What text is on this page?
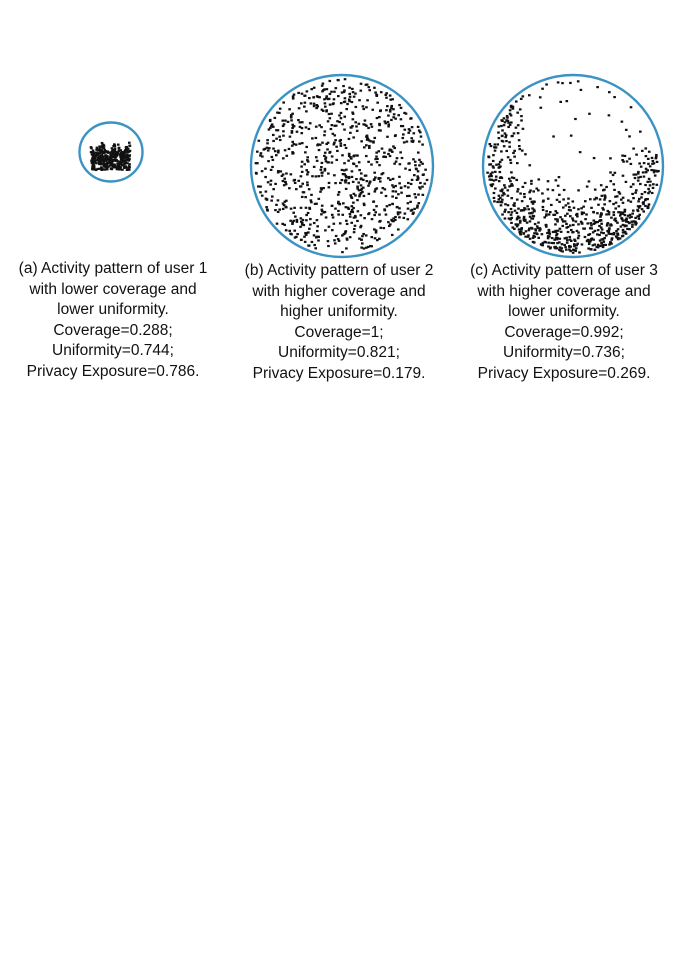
(a) Activity pattern of user 1
with lower coverage and
lower uniformity.
Coverage=0.288;
Uniformity=0.744;
Privacy Exposure=0.786.

(b) Activity pattern of user 2
with higher coverage and
higher uniformity.
Coverage=1;
Uniformity=0.821;
Privacy Exposure=0.179.

(c) Activity pattern of user 3
with higher coverage and
lower uniformity.
Coverage=0.992;
Uniformity=0.736;
Privacy Exposure=0.269.
